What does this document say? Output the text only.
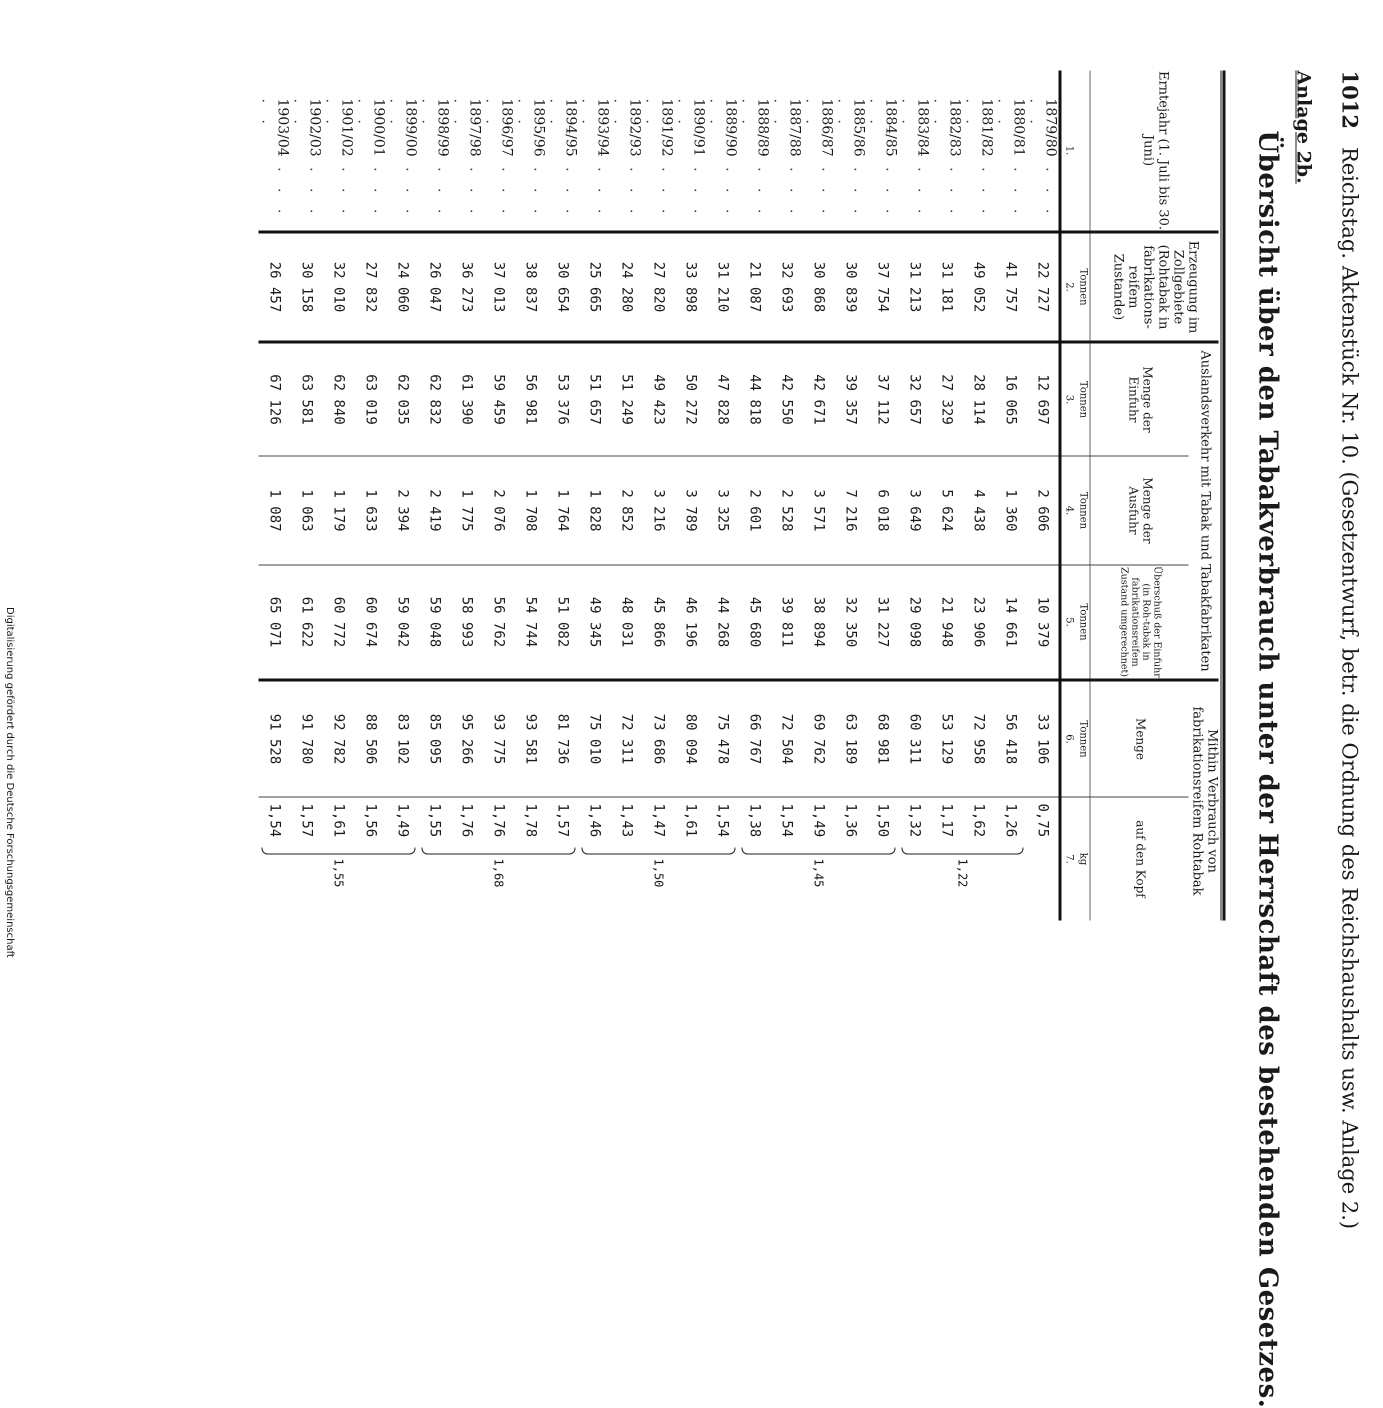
1012
Reichstag. Aktenstück Nr. 10. (Gesetzentwurf, betr. die Ordnung des Reichshaushalts usw. Anlage 2.)
Anlage 2b.
Übersicht über den Tabakverbrauch unter der Herrschaft des bestehenden Gesetzes.
Erntejahr (1. Juli bis 30. Juni)	Erzeugung im Zollgebiete (Rohtabak in fabrikations-reifem Zustande)	Auslandsverkehr mit Tabak und Tabakfabrikaten			Mithin Verbrauch von fabrikationsreifem Rohtabak	
		Menge der Einfuhr	Menge der Ausfuhr	Überschuß der Einfuhr (in Roh-tabak in fabrikationsreifem Zustand umgerechnet)	Menge	auf den Kopf
	Tonnen	Tonnen	Tonnen	Tonnen	Tonnen	kg
1.	2.	3.	4.	5.	6.	7.
1879/80 . . . . .	22 727	12 697	2 606	10 379	33 106	0,75
1880/81 . . . . .	41 757	16 065	1 360	14 661	56 418	1,26
1881/82 . . . . .	49 052	28 114	4 438	23 906	72 958	1,62
1882/83 . . . . .	31 181	27 329	5 624	21 948	53 129	1,17
1883/84 . . . . .	31 213	32 657	3 649	29 098	60 311	1,32
1884/85 . . . . .	37 754	37 112	6 018	31 227	68 981	1,50
1885/86 . . . . .	30 839	39 357	7 216	32 350	63 189	1,36
1886/87 . . . . .	30 868	42 671	3 571	38 894	69 762	1,49
1887/88 . . . . .	32 693	42 550	2 528	39 811	72 504	1,54
1888/89 . . . . .	21 087	44 818	2 601	45 680	66 767	1,38
1889/90 . . . . .	31 210	47 828	3 325	44 268	75 478	1,54
1890/91 . . . . .	33 898	50 272	3 789	46 196	80 094	1,61
1891/92 . . . . .	27 820	49 423	3 216	45 866	73 686	1,47
1892/93 . . . . .	24 280	51 249	2 852	48 031	72 311	1,43
1893/94 . . . . .	25 665	51 657	1 828	49 345	75 010	1,46
1894/95 . . . . .	30 654	53 376	1 764	51 082	81 736	1,57
1895/96 . . . . .	38 837	56 981	1 708	54 744	93 581	1,78
1896/97 . . . . .	37 013	59 459	2 076	56 762	93 775	1,76
1897/98 . . . . .	36 273	61 390	1 775	58 993	95 266	1,76
1898/99 . . . . .	26 047	62 832	2 419	59 048	85 095	1,55
1899/00 . . . . .	24 060	62 035	2 394	59 042	83 102	1,49
1900/01 . . . . .	27 832	63 019	1 633	60 674	88 506	1,56
1901/02 . . . . .	32 010	62 840	1 179	60 772	92 782	1,61
1902/03 . . . . .	30 158	63 581	1 063	61 622	91 780	1,57
1903/04 . . . . .	26 457	67 126	1 087	65 071	91 528	1,54
1,22
1,45
1,50
1,68
1,55
Digitalisierung gefördert durch die Deutsche Forschungsgemeinschaft
